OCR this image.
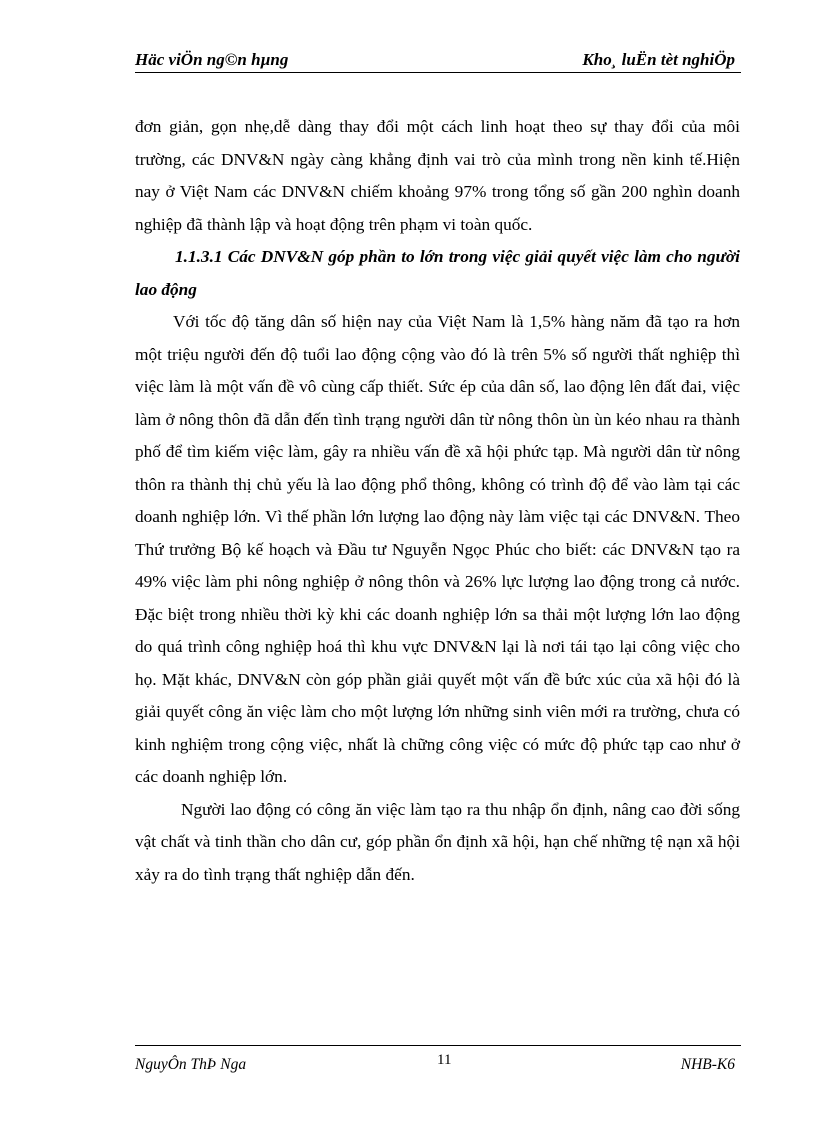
Häc viÖn ng©n hµng	Kho¸ luËn tèt nghiÖp

đơn giản, gọn nhẹ,dễ dàng thay đổi một cách linh hoạt theo sự thay đổi của môi trường, các DNV&N ngày càng khẳng định vai trò của mình trong nền kinh tế.Hiện nay ở Việt Nam các DNV&N chiếm khoảng 97% trong tổng số gần 200 nghìn doanh nghiệp đã thành lập và hoạt động trên phạm vi toàn quốc.

1.1.3.1 Các DNV&N góp phần to lớn trong việc giải quyết việc làm cho người lao động

Với tốc độ tăng dân số hiện nay của Việt Nam là 1,5% hàng năm đã tạo ra hơn một triệu người đến độ tuổi lao động cộng vào đó là trên 5% số người thất nghiệp thì việc làm là một vấn đề vô cùng cấp thiết. Sức ép của dân số, lao động lên đất đai, việc làm ở nông thôn đã dẫn đến tình trạng người dân từ nông thôn ùn ùn kéo nhau ra thành phố để tìm kiếm việc làm, gây ra nhiều vấn đề xã hội phức tạp. Mà người dân từ nông thôn ra thành thị chủ yếu là lao động phổ thông, không có trình độ để vào làm tại các doanh nghiệp lớn. Vì thế phần lớn lượng lao động này làm việc tại các DNV&N. Theo Thứ trưởng Bộ kế hoạch và Đầu tư Nguyễn Ngọc Phúc cho biết: các DNV&N tạo ra 49% việc làm phi nông nghiệp ở nông thôn và 26% lực lượng lao động trong cả nước. Đặc biệt trong nhiều thời kỳ khi các doanh nghiệp lớn sa thải một lượng lớn lao động do quá trình công nghiệp hoá thì khu vực DNV&N lại là nơi tái tạo lại công việc cho họ. Mặt khác, DNV&N còn góp phần giải quyết một vấn đề bức xúc của xã hội đó là giải quyết công ăn việc làm cho một lượng lớn những sinh viên mới ra trường, chưa có kinh nghiệm trong cộng việc, nhất là chững công việc có mức độ phức tạp cao như ở các doanh nghiệp lớn.

Người lao động có công ăn việc làm tạo ra thu nhập ổn định, nâng cao đời sống vật chất và tinh thần cho dân cư, góp phần ổn định xã hội, hạn chế những tệ nạn xã hội xảy ra do tình trạng thất nghiệp dẫn đến.

NguyÔn ThÞ Nga	11	NHB-K6
